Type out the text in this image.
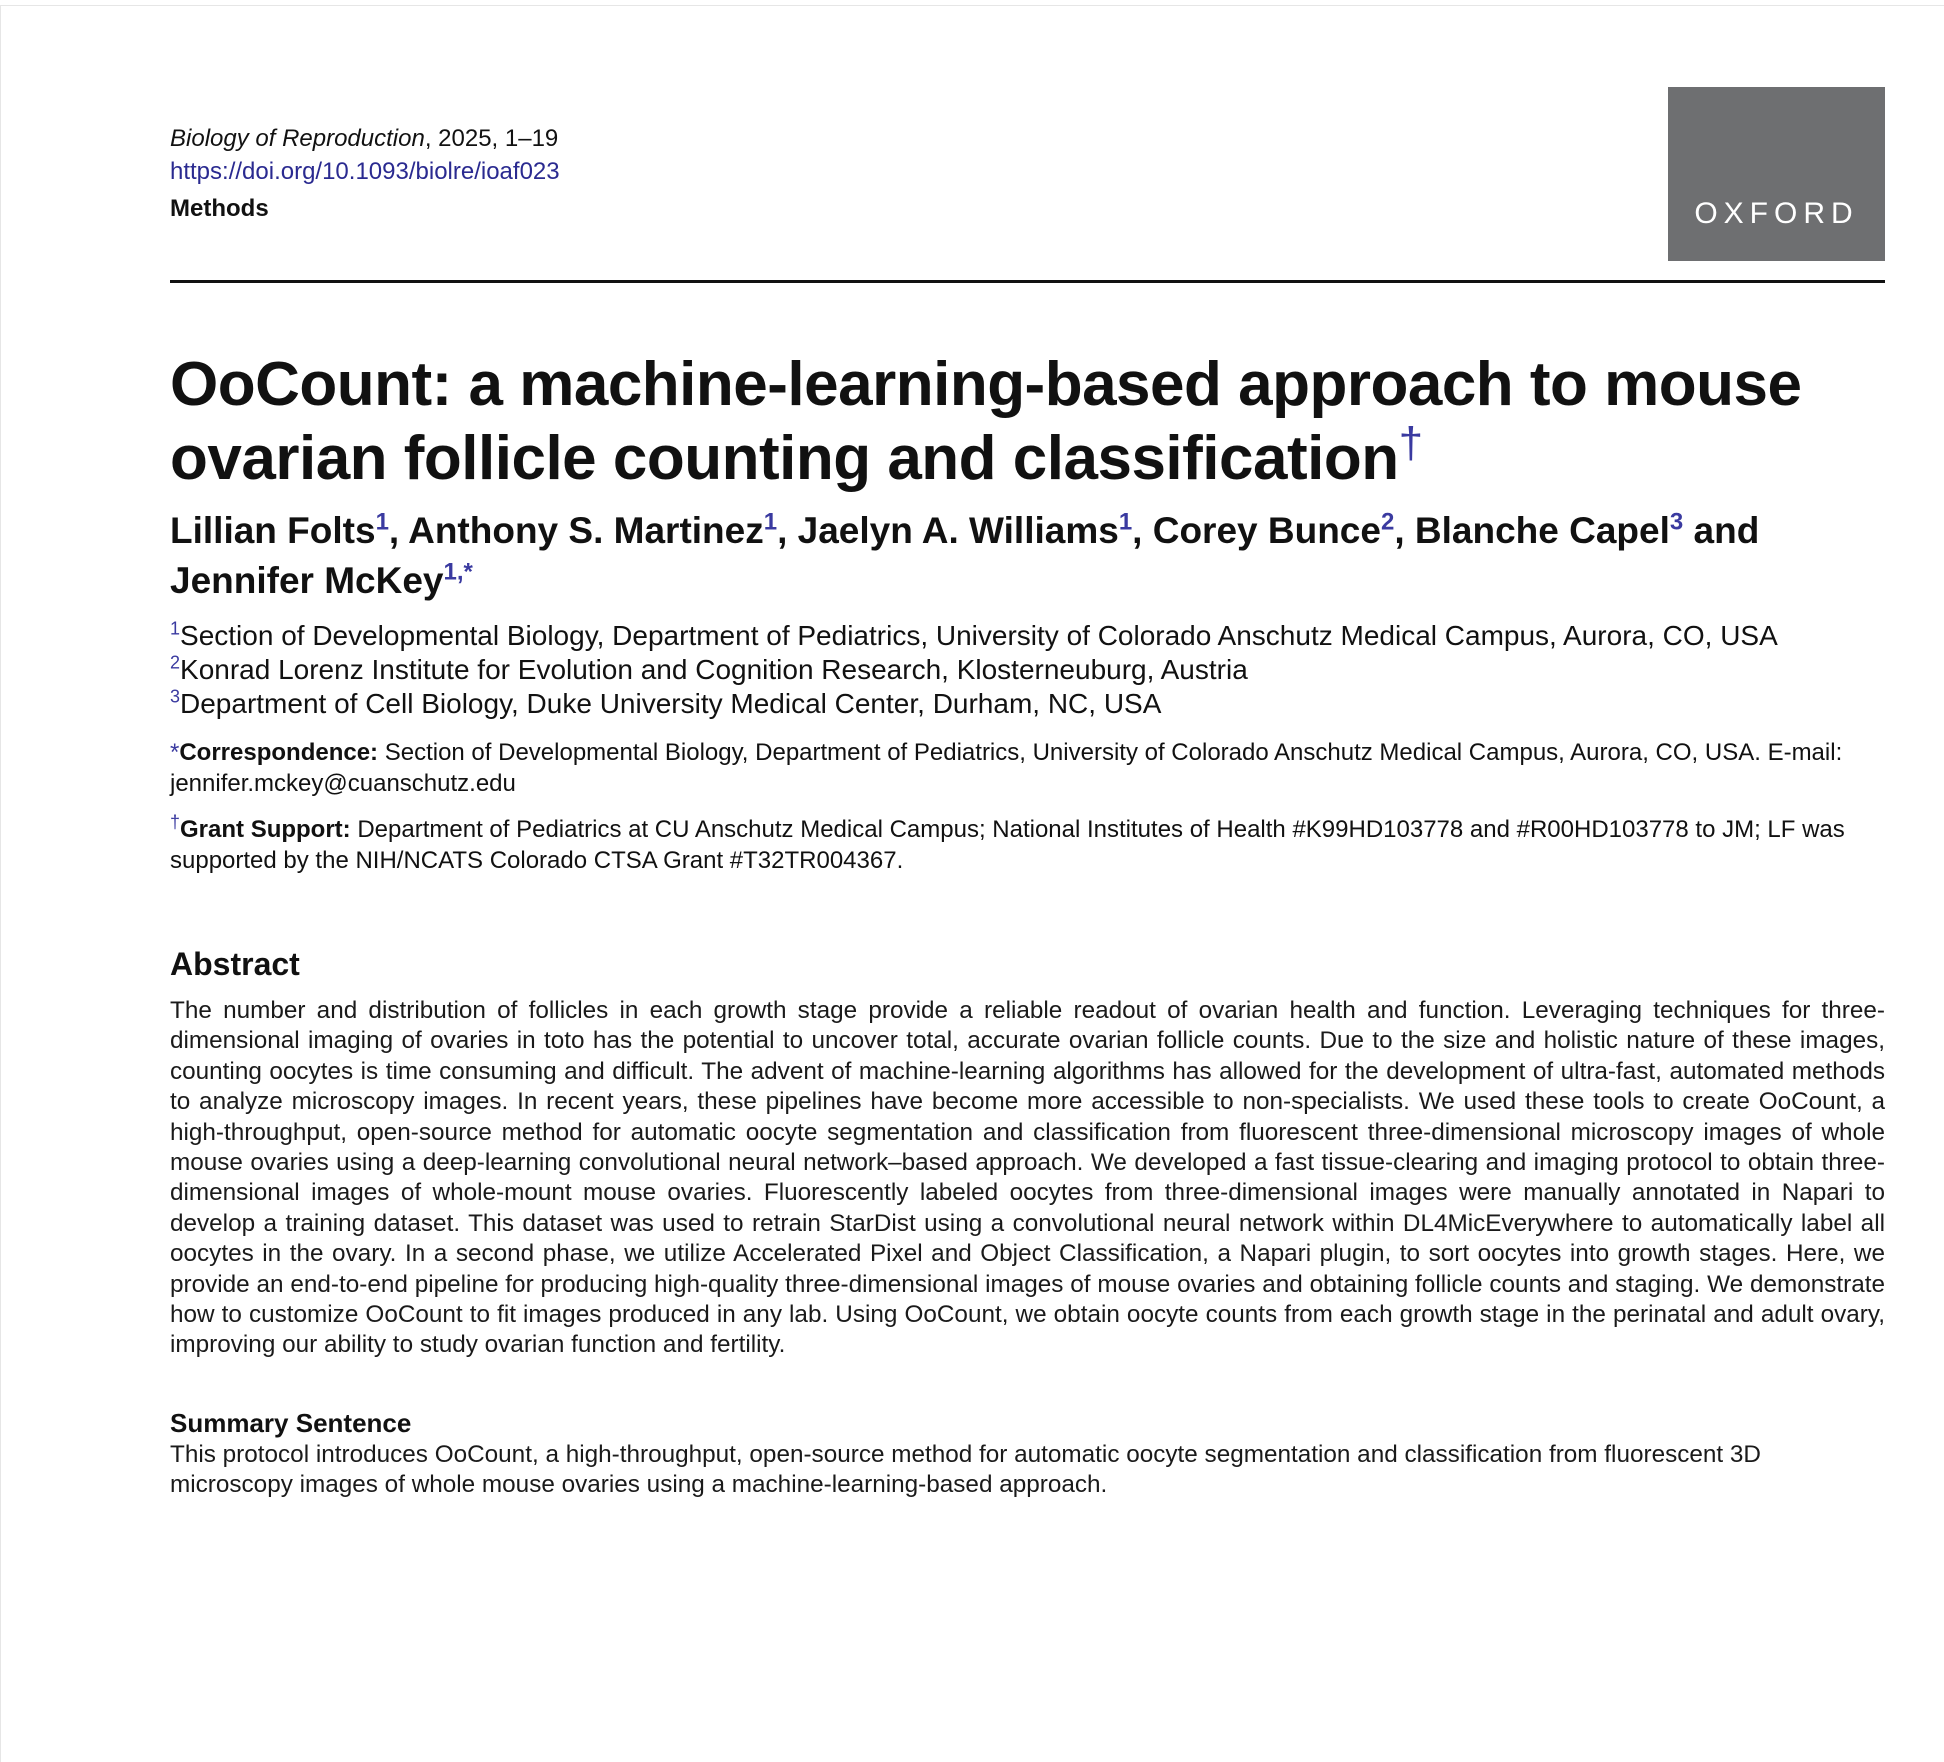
Biology of Reproduction, 2025, 1–19
https://doi.org/10.1093/biolre/ioaf023
Methods	OXFORD
OoCount: a machine-learning-based approach to mouse ovarian follicle counting and classification†
Lillian Folts$^1$, Anthony S. Martinez$^1$, Jaelyn A. Williams$^1$, Corey Bunce$^2$, Blanche Capel$^3$ and
Jennifer McKey$^{1,*}$
$^1$Section of Developmental Biology, Department of Pediatrics, University of Colorado Anschutz Medical Campus, Aurora, CO, USA
$^2$Konrad Lorenz Institute for Evolution and Cognition Research, Klosterneuburg, Austria
$^3$Department of Cell Biology, Duke University Medical Center, Durham, NC, USA
*Correspondence: Section of Developmental Biology, Department of Pediatrics, University of Colorado Anschutz Medical Campus, Aurora, CO, USA. E-mail: jennifer.mckey@cuanschutz.edu
†Grant Support: Department of Pediatrics at CU Anschutz Medical Campus; National Institutes of Health #K99HD103778 and #R00HD103778 to JM; LF was supported by the NIH/NCATS Colorado CTSA Grant #T32TR004367.
Abstract

The number and distribution of follicles in each growth stage provide a reliable readout of ovarian health and function. Leveraging techniques for three-dimensional imaging of ovaries in toto has the potential to uncover total, accurate ovarian follicle counts. Due to the size and holistic nature of these images, counting oocytes is time consuming and difficult. The advent of machine-learning algorithms has allowed for the development of ultra-fast, automated methods to analyze microscopy images. In recent years, these pipelines have become more accessible to non-specialists. We used these tools to create OoCount, a high-throughput, open-source method for automatic oocyte segmentation and classification from fluorescent three-dimensional microscopy images of whole mouse ovaries using a deep-learning convolutional neural network–based approach. We developed a fast tissue-clearing and imaging protocol to obtain three-dimensional images of whole-mount mouse ovaries. Fluorescently labeled oocytes from three-dimensional images were manually annotated in Napari to develop a training dataset. This dataset was used to retrain StarDist using a convolutional neural network within DL4MicEverywhere to automatically label all oocytes in the ovary. In a second phase, we utilize Accelerated Pixel and Object Classification, a Napari plugin, to sort oocytes into growth stages. Here, we provide an end-to-end pipeline for producing high-quality three-dimensional images of mouse ovaries and obtaining follicle counts and staging. We demonstrate how to customize OoCount to fit images produced in any lab. Using OoCount, we obtain oocyte counts from each growth stage in the perinatal and adult ovary, improving our ability to study ovarian function and fertility.

Summary Sentence

This protocol introduces OoCount, a high-throughput, open-source method for automatic oocyte segmentation and classification from fluorescent 3D microscopy images of whole mouse ovaries using a machine-learning-based approach.
